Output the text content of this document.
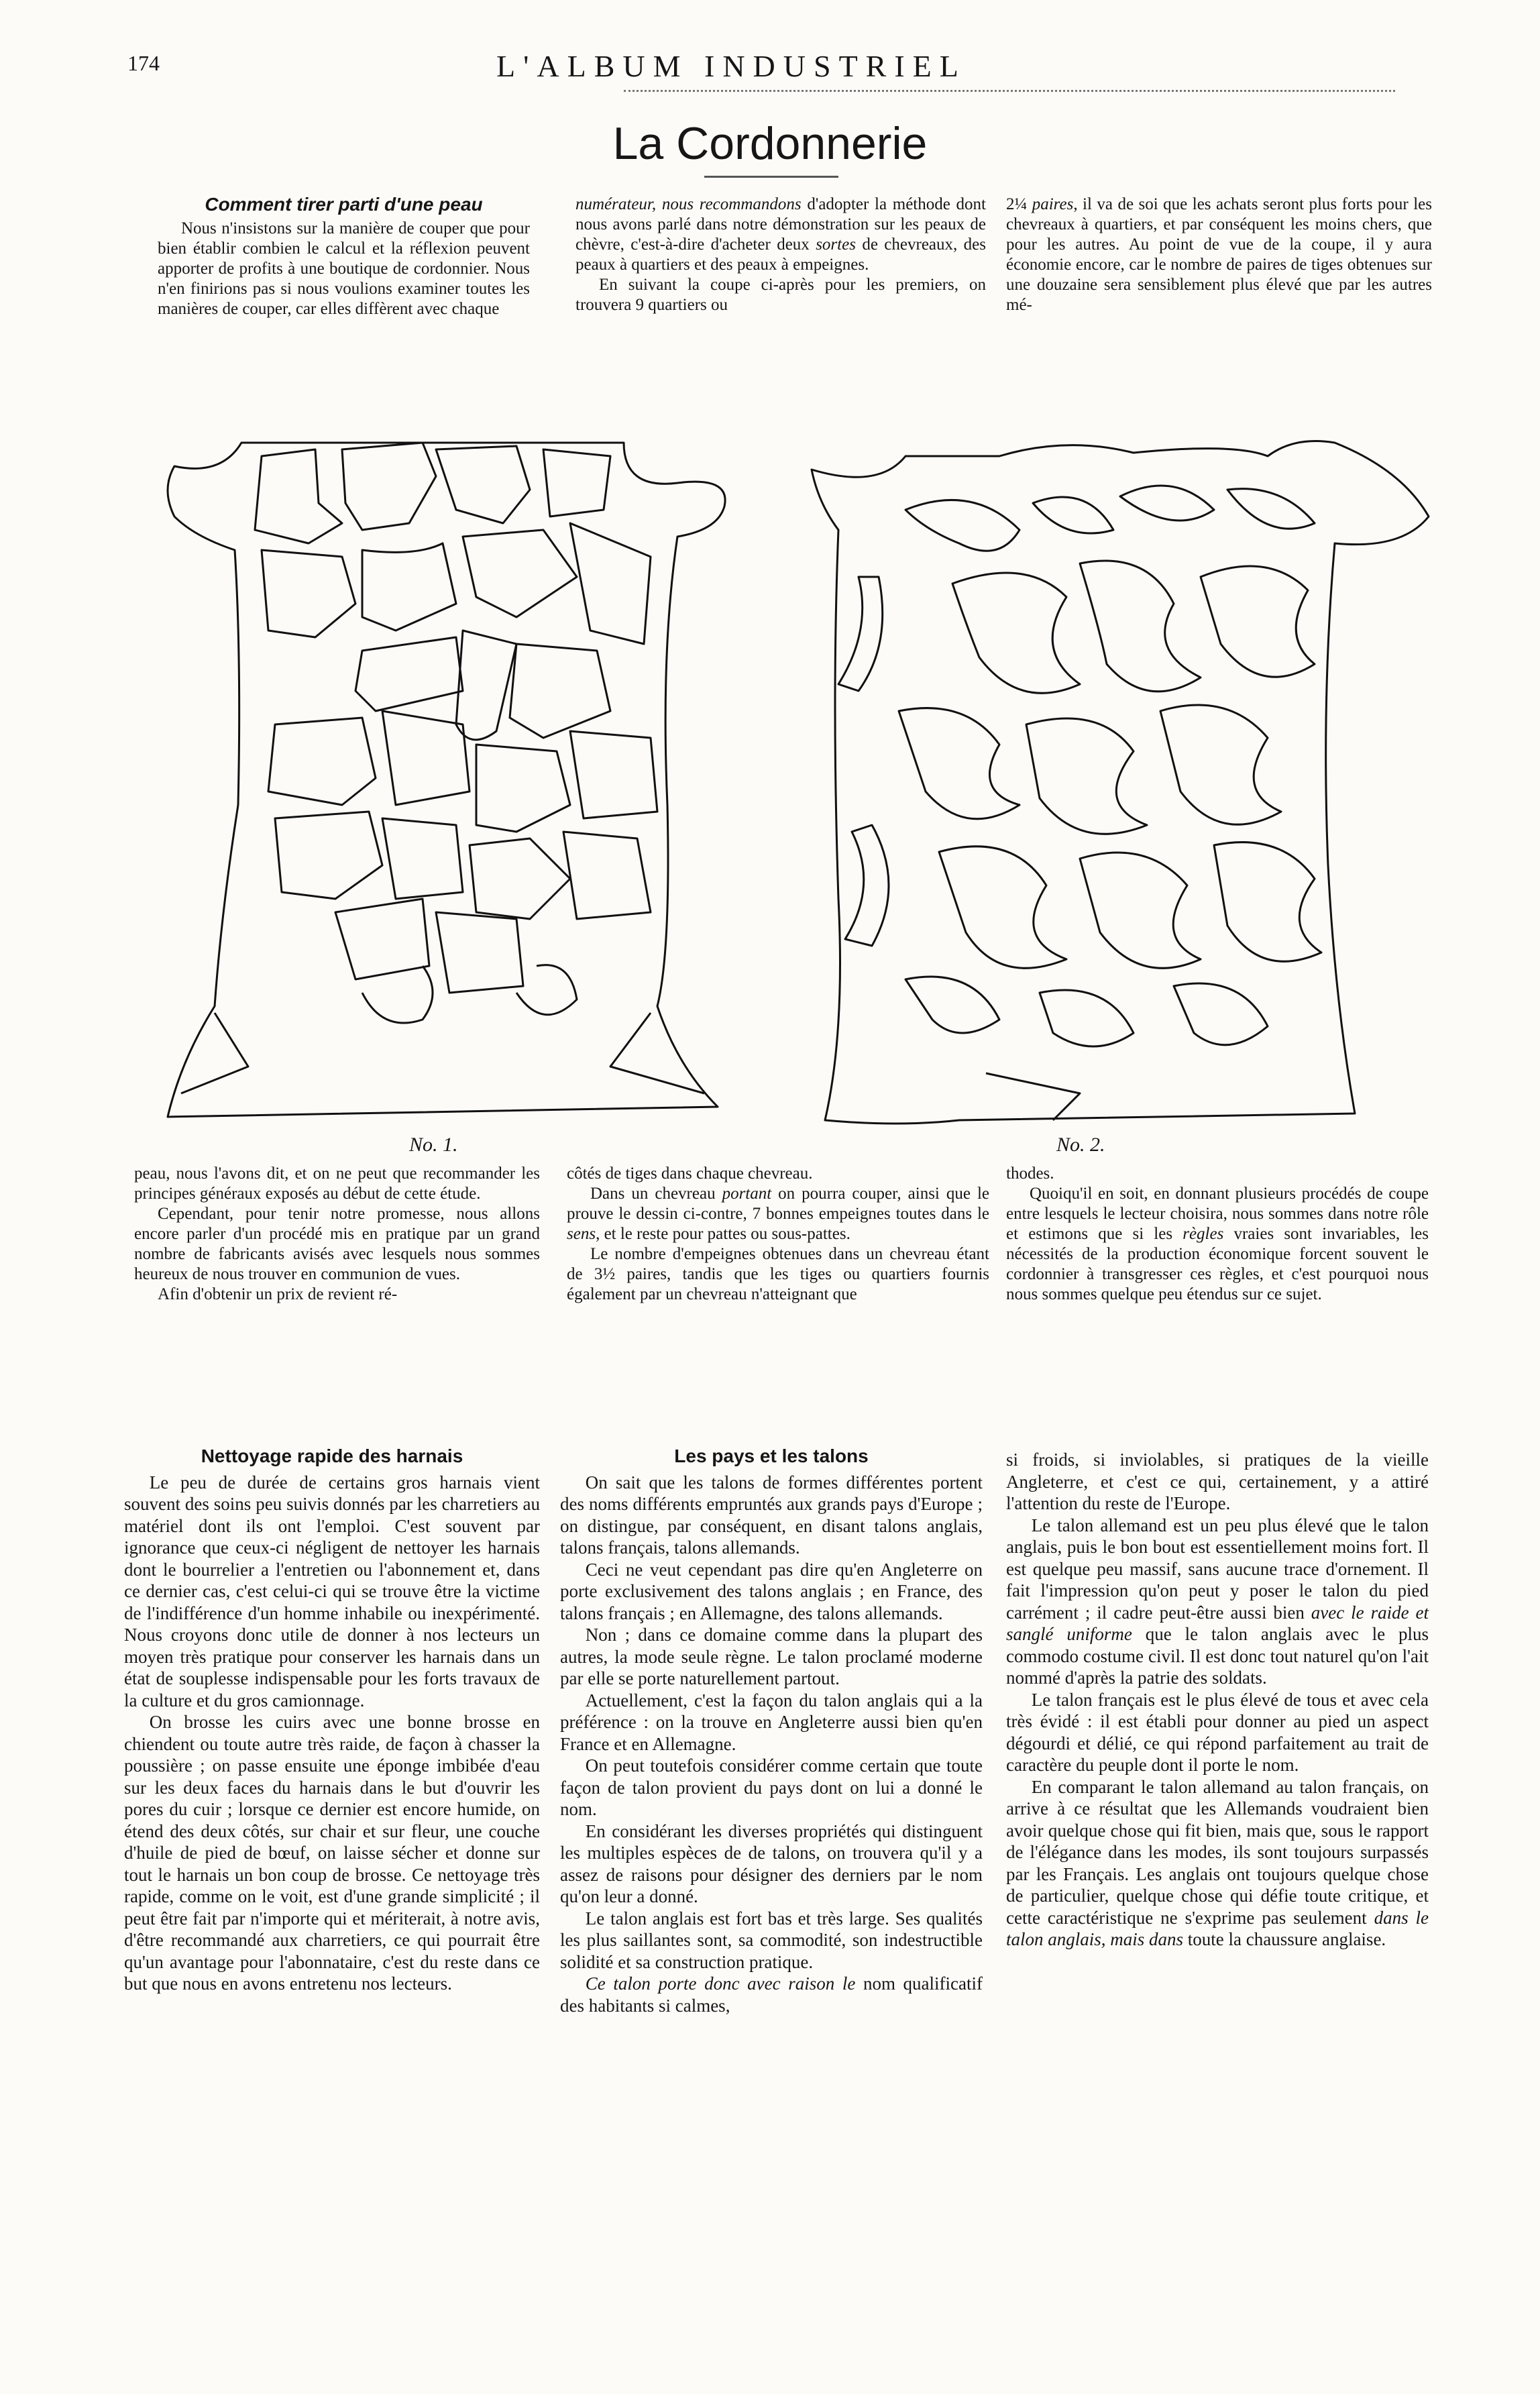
174	L'ALBUM INDUSTRIEL
La Cordonnerie
Comment tirer parti d'une peau

Nous n'insistons sur la manière de couper que pour bien établir combien le calcul et la réflexion peuvent apporter de profits à une boutique de cordonnier. Nous n'en finirions pas si nous voulions examiner toutes les manières de couper, car elles diffèrent avec chaque

numérateur, nous recommandons d'adopter la méthode dont nous avons parlé dans notre démonstration sur les peaux de chèvre, c'est-à-dire d'acheter deux sortes de chevreaux, des peaux à quartiers et des peaux à empeignes.

En suivant la coupe ci-après pour les premiers, on trouvera 9 quartiers ou

2¼ paires, il va de soi que les achats seront plus forts pour les chevreaux à quartiers, et par conséquent les moins chers, que pour les autres. Au point de vue de la coupe, il y aura économie encore, car le nombre de paires de tiges obtenues sur une douzaine sera sensiblement plus élevé que par les autres mé-

No. 1.	No. 2.

peau, nous l'avons dit, et on ne peut que recommander les principes généraux exposés au début de cette étude.

Cependant, pour tenir notre promesse, nous allons encore parler d'un procédé mis en pratique par un grand nombre de fabricants avisés avec lesquels nous sommes heureux de nous trouver en communion de vues.

Afin d'obtenir un prix de revient ré-

côtés de tiges dans chaque chevreau.

Dans un chevreau portant on pourra couper, ainsi que le prouve le dessin ci-contre, 7 bonnes empeignes toutes dans le sens, et le reste pour pattes ou sous-pattes.

Le nombre d'empeignes obtenues dans un chevreau étant de 3½ paires, tandis que les tiges ou quartiers fournis également par un chevreau n'atteignant que

thodes.

Quoiqu'il en soit, en donnant plusieurs procédés de coupe entre lesquels le lecteur choisira, nous sommes dans notre rôle et estimons que si les règles vraies sont invariables, les nécessités de la production économique forcent souvent le cordonnier à transgresser ces règles, et c'est pourquoi nous nous sommes quelque peu étendus sur ce sujet.

Nettoyage rapide des harnais

Le peu de durée de certains gros harnais vient souvent des soins peu suivis donnés par les charretiers au matériel dont ils ont l'emploi. C'est souvent par ignorance que ceux-ci négligent de nettoyer les harnais dont le bourrelier a l'entretien ou l'abonnement et, dans ce dernier cas, c'est celui-ci qui se trouve être la victime de l'indifférence d'un homme inhabile ou inexpérimenté. Nous croyons donc utile de donner à nos lecteurs un moyen très pratique pour conserver les harnais dans un état de souplesse indispensable pour les forts travaux de la culture et du gros camionnage.

On brosse les cuirs avec une bonne brosse en chiendent ou toute autre très raide, de façon à chasser la poussière ; on passe ensuite une éponge imbibée d'eau sur les deux faces du harnais dans le but d'ouvrir les pores du cuir ; lorsque ce dernier est encore humide, on étend des deux côtés, sur chair et sur fleur, une couche d'huile de pied de bœuf, on laisse sécher et donne sur tout le harnais un bon coup de brosse. Ce nettoyage très rapide, comme on le voit, est d'une grande simplicité ; il peut être fait par n'importe qui et mériterait, à notre avis, d'être recommandé aux charretiers, ce qui pourrait être qu'un avantage pour l'abonnataire, c'est du reste dans ce but que nous en avons entretenu nos lecteurs.

Les pays et les talons

On sait que les talons de formes différentes portent des noms différents empruntés aux grands pays d'Europe ; on distingue, par conséquent, en disant talons anglais, talons français, talons allemands.

Ceci ne veut cependant pas dire qu'en Angleterre on porte exclusivement des talons anglais ; en France, des talons français ; en Allemagne, des talons allemands.

Non ; dans ce domaine comme dans la plupart des autres, la mode seule règne. Le talon proclamé moderne par elle se porte naturellement partout.

Actuellement, c'est la façon du talon anglais qui a la préférence : on la trouve en Angleterre aussi bien qu'en France et en Allemagne.

On peut toutefois considérer comme certain que toute façon de talon provient du pays dont on lui a donné le nom.

En considérant les diverses propriétés qui distinguent les multiples espèces de de talons, on trouvera qu'il y a assez de raisons pour désigner des derniers par le nom qu'on leur a donné.

Le talon anglais est fort bas et très large. Ses qualités les plus saillantes sont, sa commodité, son indestructible solidité et sa construction pratique.

Ce talon porte donc avec raison le nom qualificatif des habitants si calmes,

si froids, si inviolables, si pratiques de la vieille Angleterre, et c'est ce qui, certainement, y a attiré l'attention du reste de l'Europe.

Le talon allemand est un peu plus élevé que le talon anglais, puis le bon bout est essentiellement moins fort. Il est quelque peu massif, sans aucune trace d'ornement. Il fait l'impression qu'on peut y poser le talon du pied carrément ; il cadre peut-être aussi bien avec le raide et sanglé uniforme que le talon anglais avec le plus commodo costume civil. Il est donc tout naturel qu'on l'ait nommé d'après la patrie des soldats.

Le talon français est le plus élevé de tous et avec cela très évidé : il est établi pour donner au pied un aspect dégourdi et délié, ce qui répond parfaitement au trait de caractère du peuple dont il porte le nom.

En comparant le talon allemand au talon français, on arrive à ce résultat que les Allemands voudraient bien avoir quelque chose qui fit bien, mais que, sous le rapport de l'élégance dans les modes, ils sont toujours surpassés par les Français. Les anglais ont toujours quelque chose de particulier, quelque chose qui défie toute critique, et cette caractéristique ne s'exprime pas seulement dans le talon anglais, mais dans toute la chaussure anglaise.
